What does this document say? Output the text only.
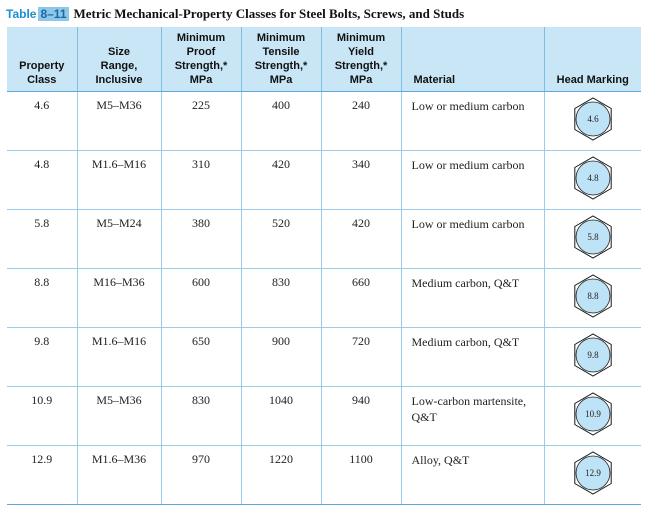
Table 8–11 Metric Mechanical-Property Classes for Steel Bolts, Screws, and Studs
Property
Class	Size
Range,
Inclusive	Minimum
Proof
Strength,*
MPa	Minimum
Tensile
Strength,*
MPa	Minimum
Yield
Strength,*
MPa	Material	Head Marking
4.6	M5–M36	225	400	240	Low or medium carbon	4.6

4.8	M1.6–M16	310	420	340	Low or medium carbon	4.8

5.8	M5–M24	380	520	420	Low or medium carbon	5.8

8.8	M16–M36	600	830	660	Medium carbon, Q&T	8.8

9.8	M1.6–M16	650	900	720	Medium carbon, Q&T	9.8

10.9	M5–M36	830	1040	940	Low-carbon martensite,
Q&T	10.9

12.9	M1.6–M36	970	1220	1100	Alloy, Q&T	12.9
